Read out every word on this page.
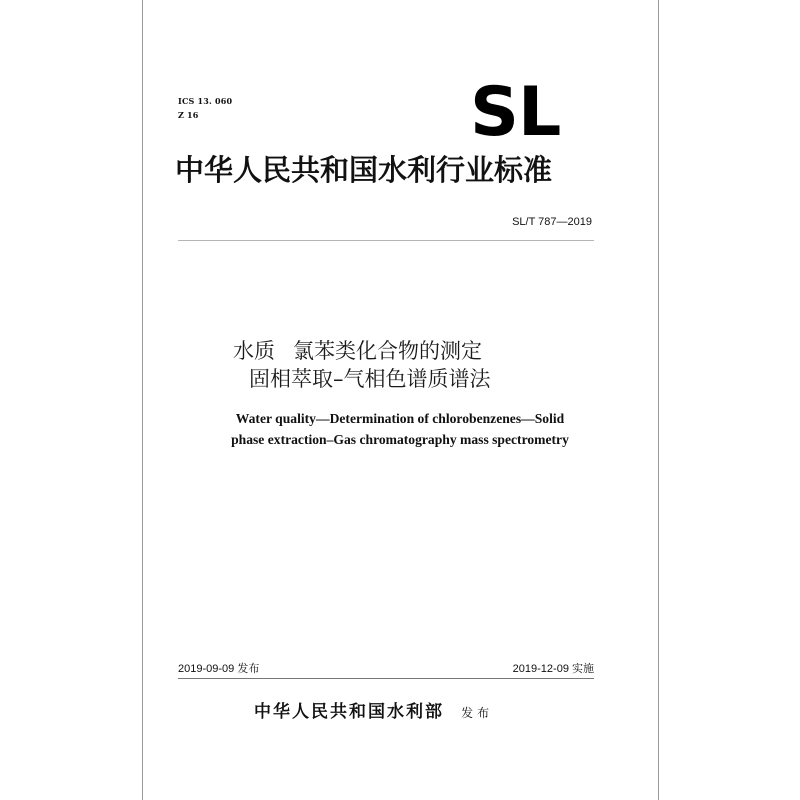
ICS 13. 060
Z 16	SL
中华人民共和国水利行业标准
SL/T 787—2019
水质 氯苯类化合物的测定
固相萃取–气相色谱质谱法
Water quality—Determination of chlorobenzenes—Solid
phase extraction–Gas chromatography mass spectrometry
2019-09-09 发布	2019-12-09 实施
中华人民共和国水利部 发布
